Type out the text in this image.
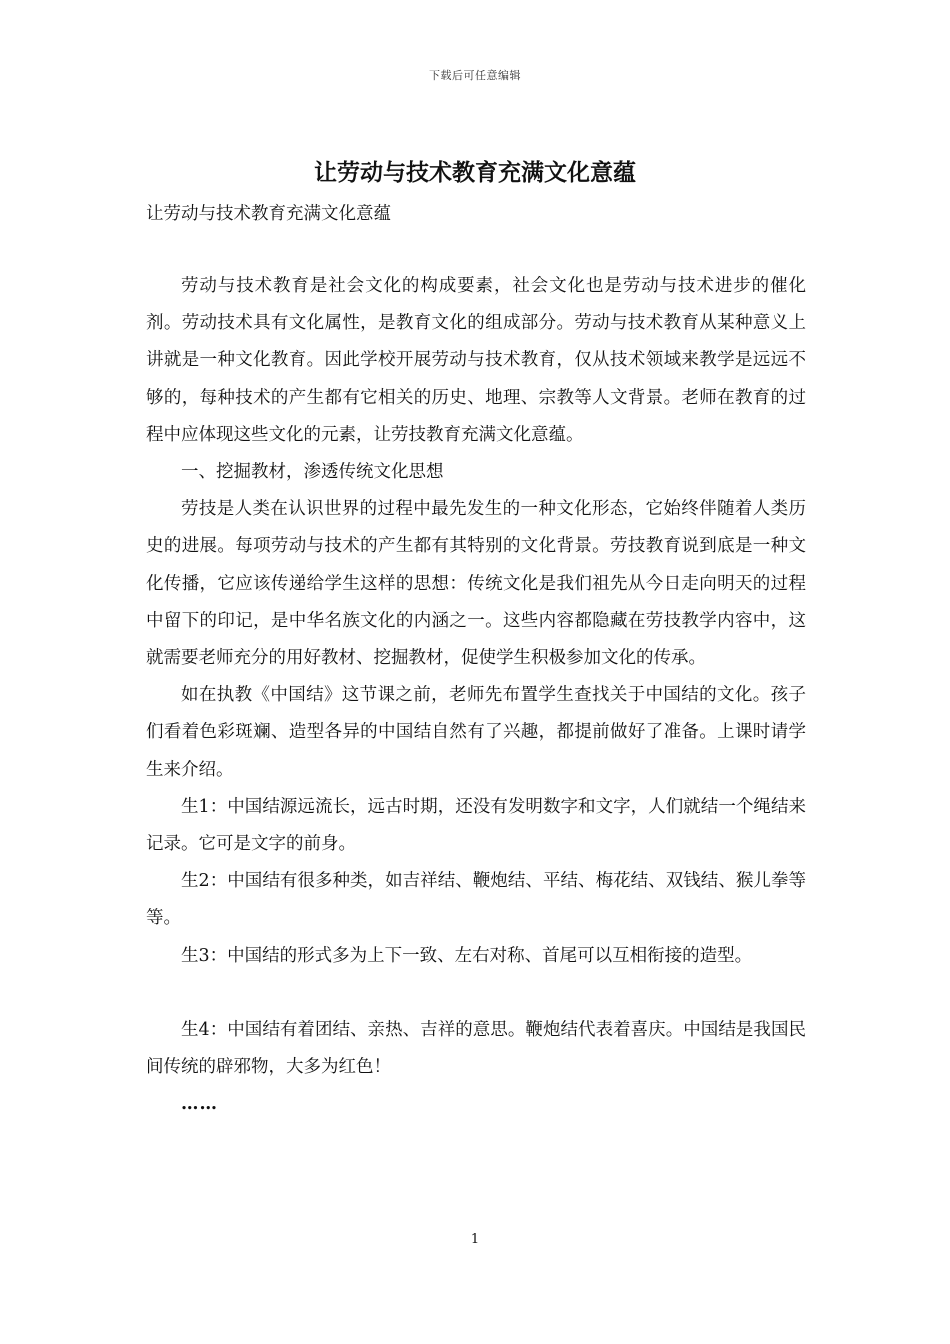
下载后可任意编辑
让劳动与技术教育充满文化意蕴

让劳动与技术教育充满文化意蕴

劳动与技术教育是社会文化的构成要素，社会文化也是劳动与技术进步的催化剂。劳动技术具有文化属性，是教育文化的组成部分。劳动与技术教育从某种意义上讲就是一种文化教育。因此学校开展劳动与技术教育，仅从技术领域来教学是远远不够的，每种技术的产生都有它相关的历史、地理、宗教等人文背景。老师在教育的过程中应体现这些文化的元素，让劳技教育充满文化意蕴。

一、挖掘教材，渗透传统文化思想

劳技是人类在认识世界的过程中最先发生的一种文化形态，它始终伴随着人类历史的进展。每项劳动与技术的产生都有其特别的文化背景。劳技教育说到底是一种文化传播，它应该传递给学生这样的思想：传统文化是我们祖先从今日走向明天的过程中留下的印记，是中华名族文化的内涵之一。这些内容都隐藏在劳技教学内容中，这就需要老师充分的用好教材、挖掘教材，促使学生积极参加文化的传承。

如在执教《中国结》这节课之前，老师先布置学生查找关于中国结的文化。孩子们看着色彩斑斓、造型各异的中国结自然有了兴趣，都提前做好了准备。上课时请学生来介绍。

生1：中国结源远流长，远古时期，还没有发明数字和文字，人们就结一个绳结来记录。它可是文字的前身。

生2：中国结有很多种类，如吉祥结、鞭炮结、平结、梅花结、双钱结、猴儿拳等等。

生3：中国结的形式多为上下一致、左右对称、首尾可以互相衔接的造型。

生4：中国结有着团结、亲热、吉祥的意思。鞭炮结代表着喜庆。中国结是我国民间传统的辟邪物，大多为红色！

……

1
